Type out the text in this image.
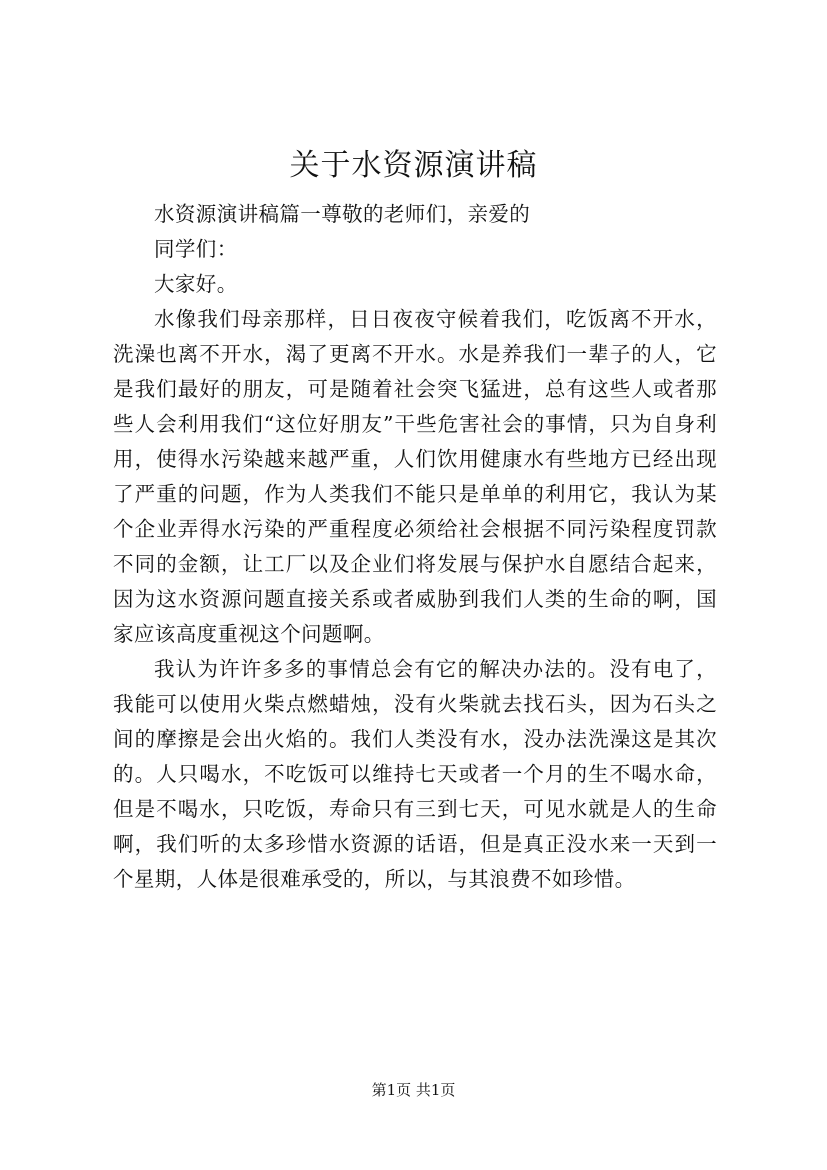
关于水资源演讲稿

水资源演讲稿篇一尊敬的老师们，亲爱的

同学们：

大家好。

水像我们母亲那样，日日夜夜守候着我们，吃饭离不开水，洗澡也离不开水，渴了更离不开水。水是养我们一辈子的人，它是我们最好的朋友，可是随着社会突飞猛进，总有这些人或者那些人会利用我们“这位好朋友”干些危害社会的事情，只为自身利用，使得水污染越来越严重，人们饮用健康水有些地方已经出现了严重的问题，作为人类我们不能只是单单的利用它，我认为某个企业弄得水污染的严重程度必须给社会根据不同污染程度罚款不同的金额，让工厂以及企业们将发展与保护水自愿结合起来，因为这水资源问题直接关系或者威胁到我们人类的生命的啊，国家应该高度重视这个问题啊。

我认为许许多多的事情总会有它的解决办法的。没有电了，我能可以使用火柴点燃蜡烛，没有火柴就去找石头，因为石头之间的摩擦是会出火焰的。我们人类没有水，没办法洗澡这是其次的。人只喝水，不吃饭可以维持七天或者一个月的生不喝水命，但是不喝水，只吃饭，寿命只有三到七天，可见水就是人的生命啊，我们听的太多珍惜水资源的话语，但是真正没水来一天到一个星期，人体是很难承受的，所以，与其浪费不如珍惜。

第1页 共1页
